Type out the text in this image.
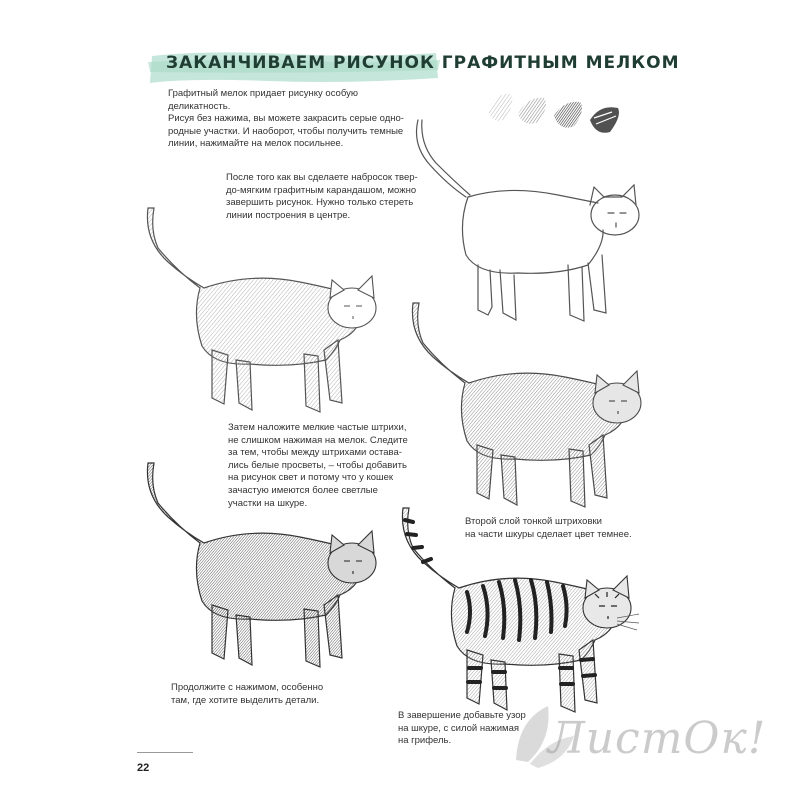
ЗАКАНЧИВАЕМ РИСУНОК ГРАФИТНЫМ МЕЛКОМ
Графитный мелок придает рисунку особую деликатность.
Рисуя без нажима, вы можете закрасить серые одно-
родные участки. И наоборот, чтобы получить темные
линии, нажимайте на мелок посильнее.
После того как вы сделаете набросок твер-
до-мягким графитным карандашом, можно
завершить рисунок. Нужно только стереть
линии построения в центре.
Затем наложите мелкие частые штрихи,
не слишком нажимая на мелок. Следите
за тем, чтобы между штрихами остава-
лись белые просветы, – чтобы добавить
на рисунок свет и потому что у кошек
зачастую имеются более светлые
участки на шкуре.
Второй слой тонкой штриховки
на части шкуры сделает цвет темнее.
Продолжите с нажимом, особенно
там, где хотите выделить детали.
В завершение добавьте узор
на шкуре, с силой нажимая
на грифель.
22
ЛистОк!
